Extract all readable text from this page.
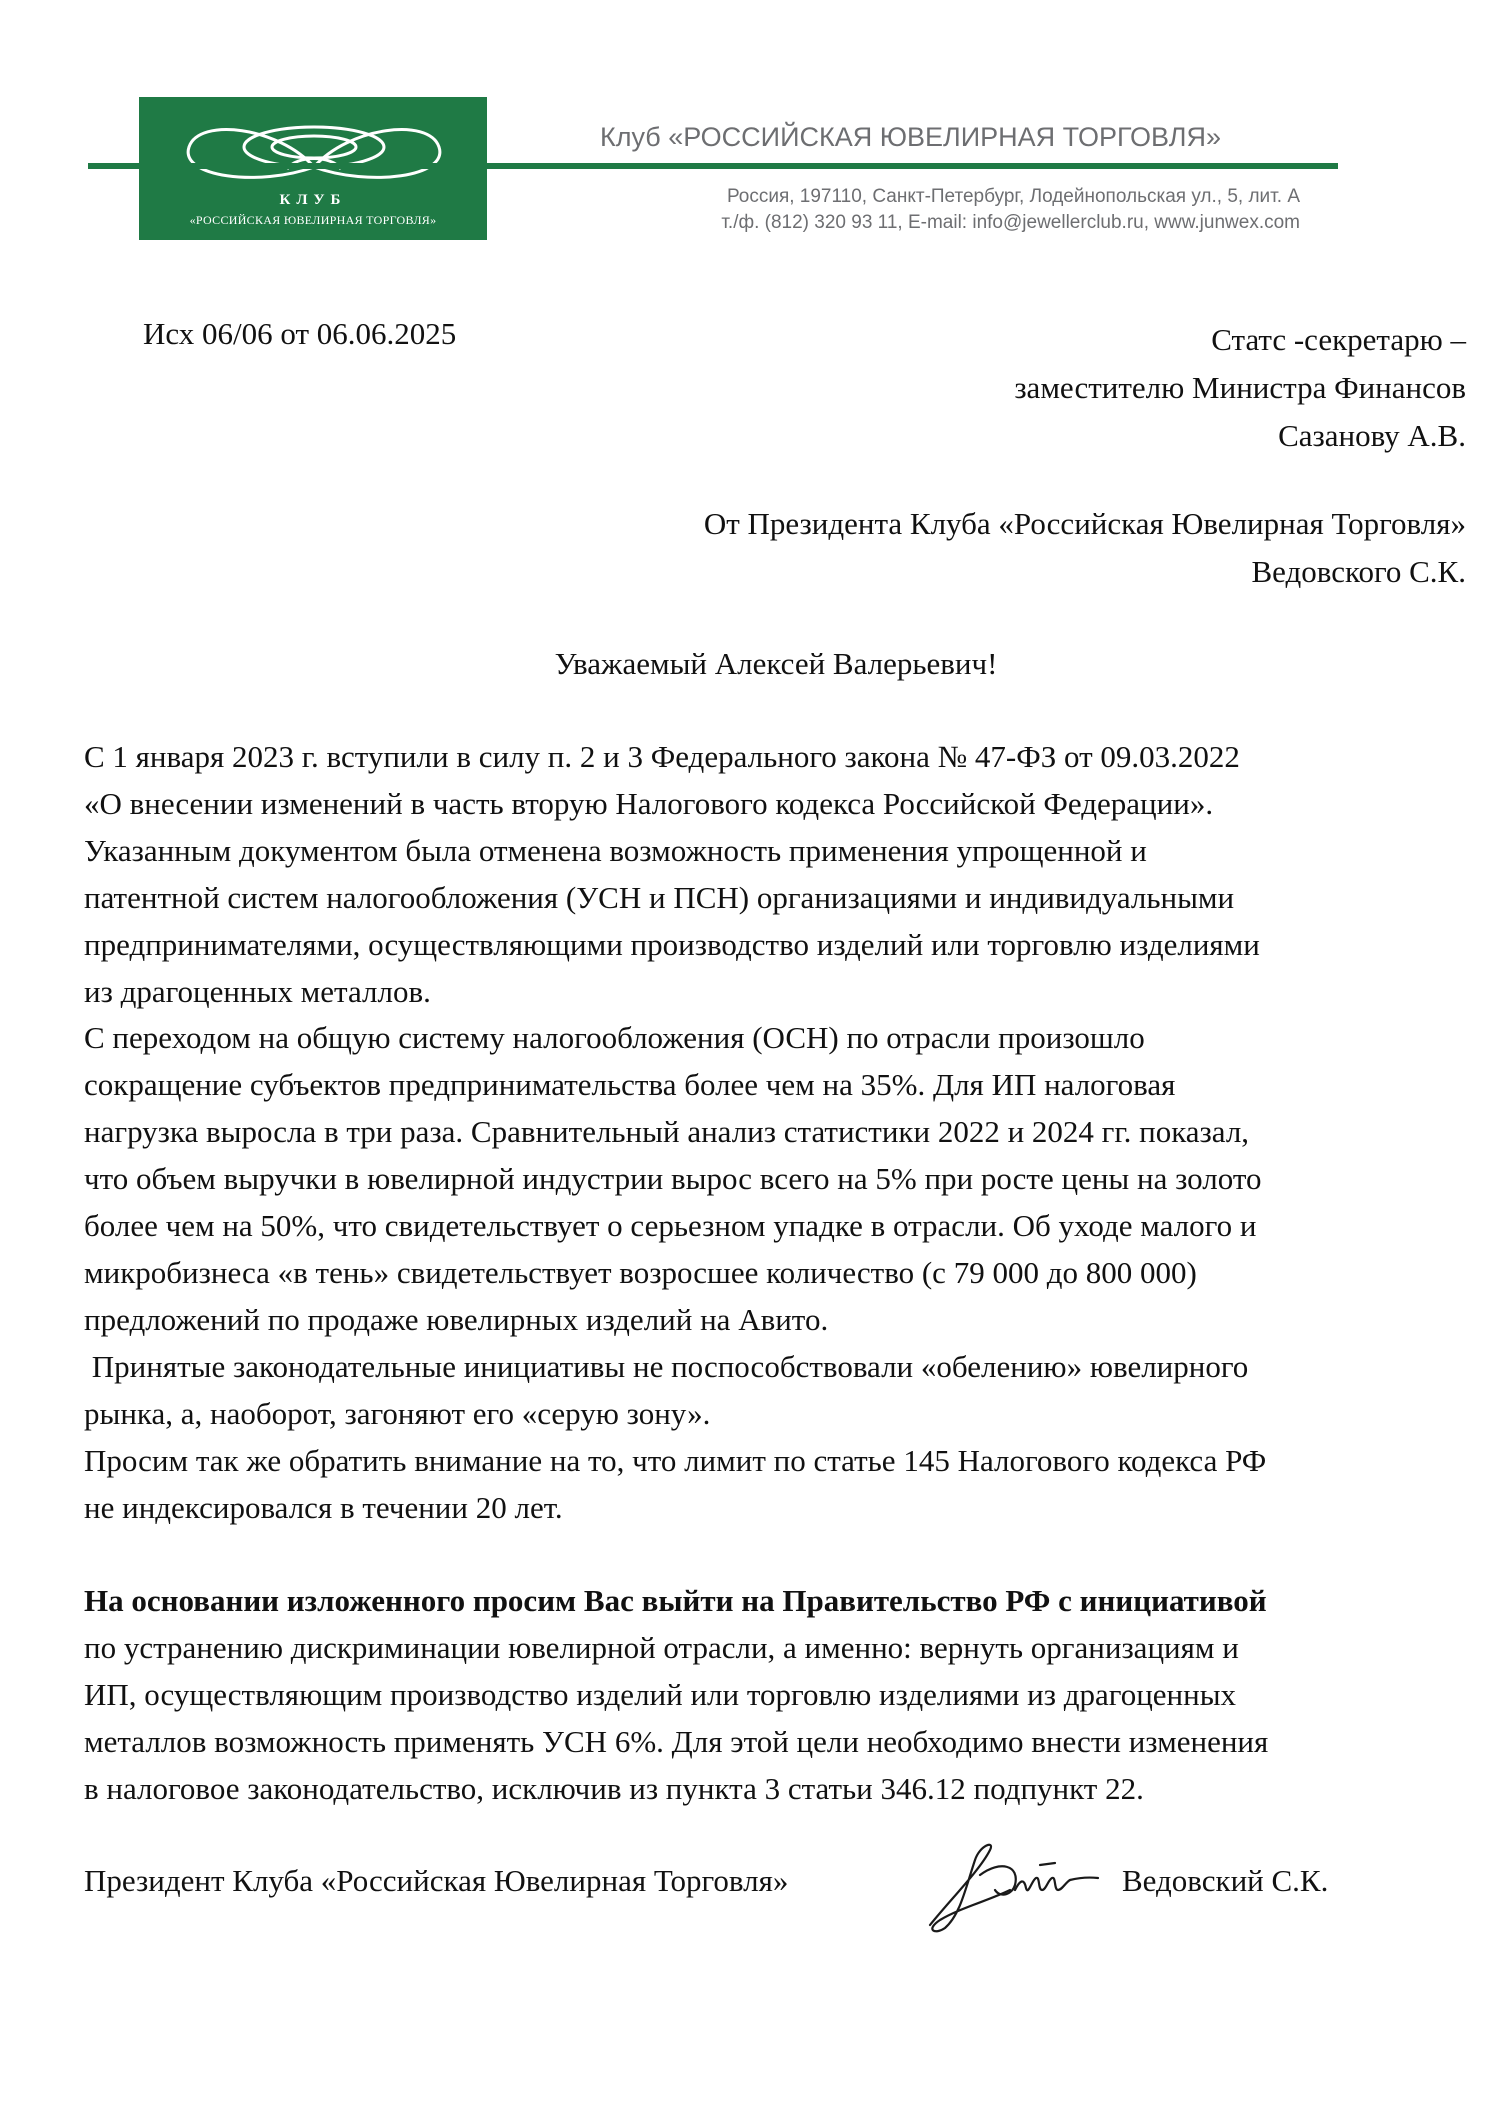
КЛУБ
«РОССИЙСКАЯ ЮВЕЛИРНАЯ ТОРГОВЛЯ»
Клуб «РОССИЙСКАЯ ЮВЕЛИРНАЯ ТОРГОВЛЯ»
Россия, 197110, Санкт-Петербург, Лодейнопольская ул., 5, лит. А
т./ф. (812) 320 93 11, E-mail: info@jewellerclub.ru, www.junwex.com
Исх 06/06 от 06.06.2025	Статс -секретарю –
заместителю Министра Финансов
Сазанову А.В.
От Президента Клуба «Российская Ювелирная Торговля»
Ведовского С.К.
Уважаемый Алексей Валерьевич!
С 1 января 2023 г. вступили в силу п. 2 и 3 Федерального закона № 47-ФЗ от 09.03.2022
«О внесении изменений в часть вторую Налогового кодекса Российской Федерации».
Указанным документом была отменена возможность применения упрощенной и
патентной систем налогообложения (УСН и ПСН) организациями и индивидуальными
предпринимателями, осуществляющими производство изделий или торговлю изделиями
из драгоценных металлов.
С переходом на общую систему налогообложения (ОСН) по отрасли произошло
сокращение субъектов предпринимательства более чем на 35%. Для ИП налоговая
нагрузка выросла в три раза. Сравнительный анализ статистики 2022 и 2024 гг. показал,
что объем выручки в ювелирной индустрии вырос всего на 5% при росте цены на золото
более чем на 50%, что свидетельствует о серьезном упадке в отрасли. Об уходе малого и
микробизнеса «в тень» свидетельствует возросшее количество (с 79 000 до 800 000)
предложений по продаже ювелирных изделий на Авито.
Принятые законодательные инициативы не поспособствовали «обелению» ювелирного
рынка, а, наоборот, загоняют его «серую зону».
Просим так же обратить внимание на то, что лимит по статье 145 Налогового кодекса РФ
не индексировался в течении 20 лет.
На основании изложенного просим Вас выйти на Правительство РФ с инициативой
по устранению дискриминации ювелирной отрасли, а именно: вернуть организациям и
ИП, осуществляющим производство изделий или торговлю изделиями из драгоценных
металлов возможность применять УСН 6%. Для этой цели необходимо внести изменения
в налоговое законодательство, исключив из пункта 3 статьи 346.12 подпункт 22.
Президент Клуба «Российская Ювелирная Торговля»	Ведовский С.К.
